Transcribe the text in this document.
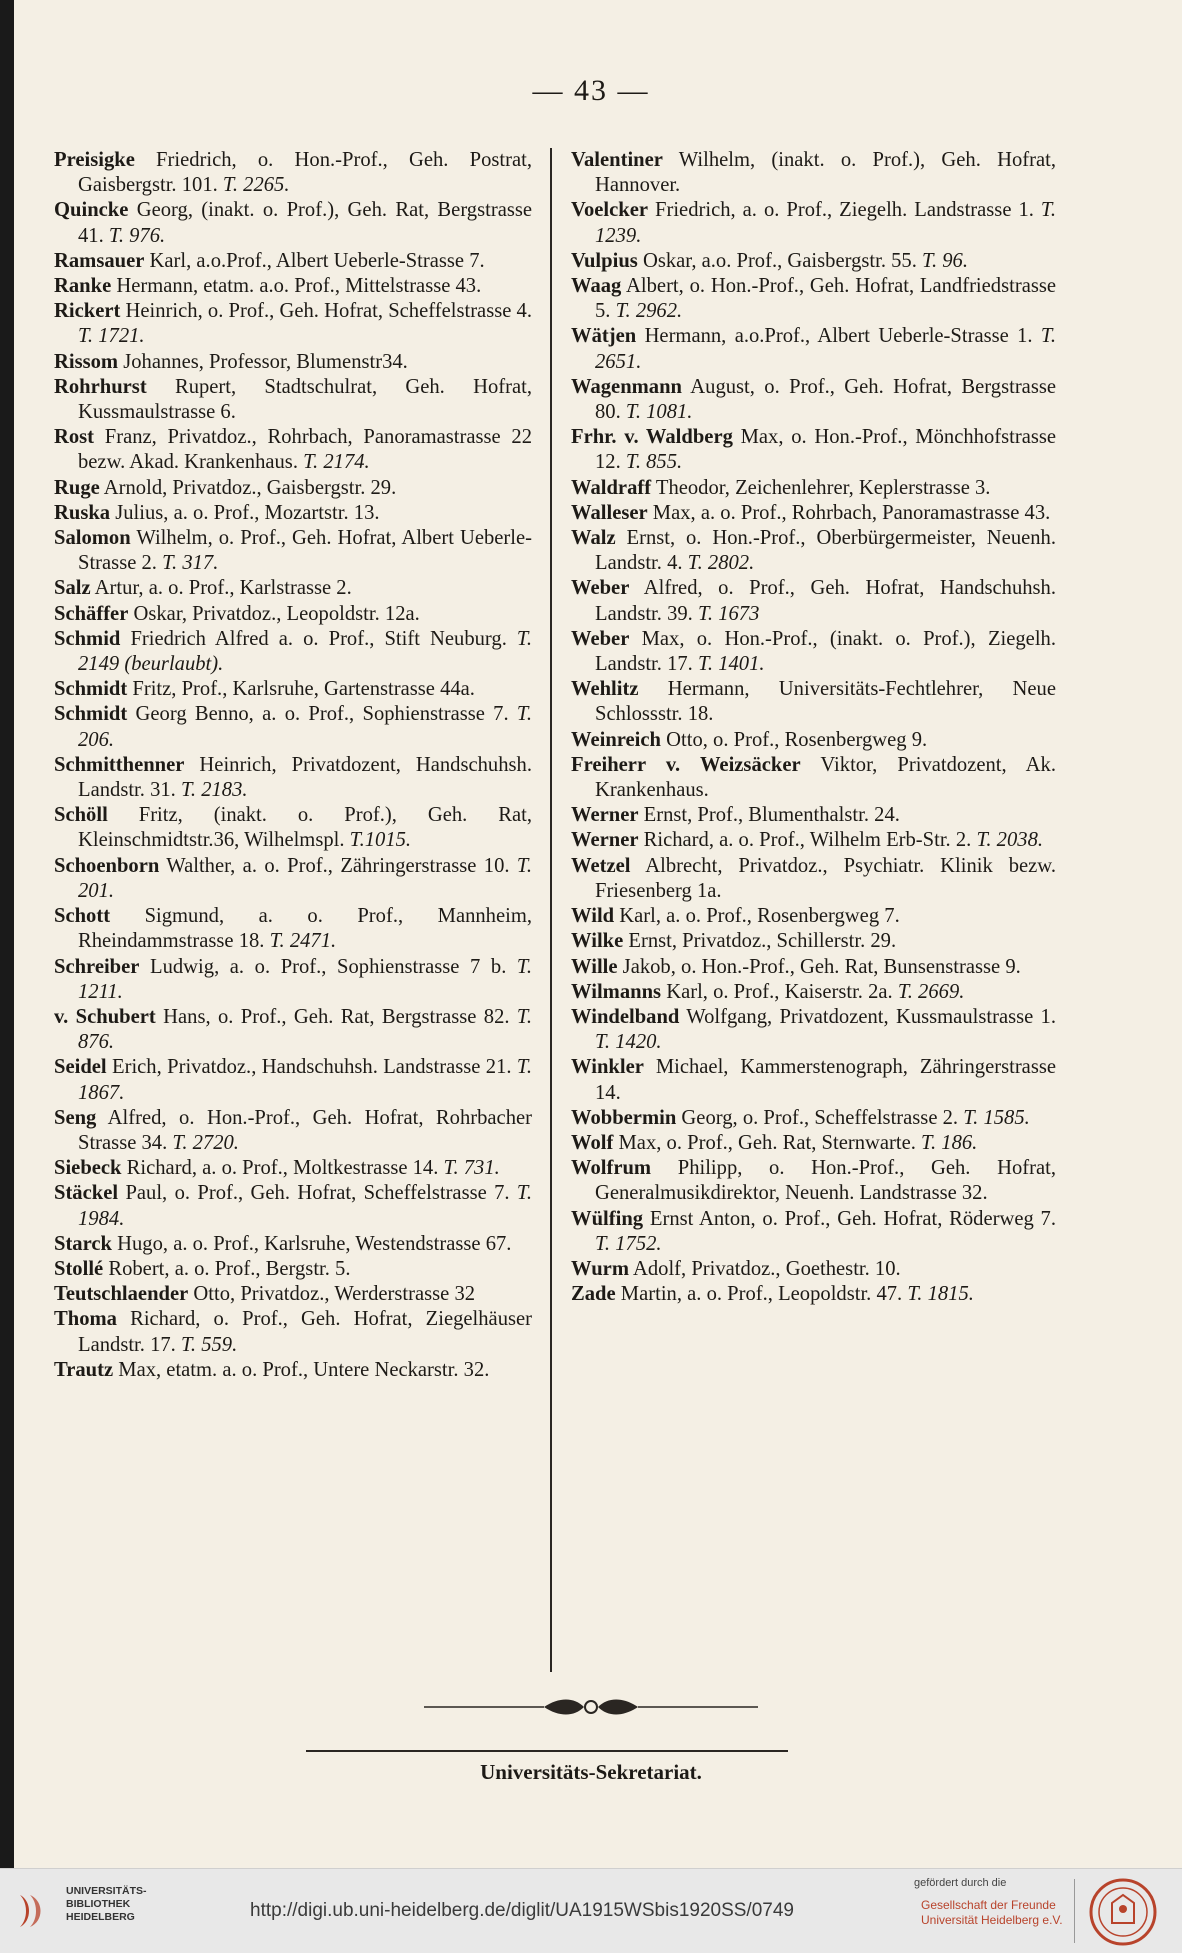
— 43 —

Preisigke Friedrich, o. Hon.-Prof., Geh. Postrat, Gaisbergstr. 101. T. 2265.

Quincke Georg, (inakt. o. Prof.), Geh. Rat, Bergstrasse 41. T. 976.

Ramsauer Karl, a.o.Prof., Albert Ueberle-Strasse 7.

Ranke Hermann, etatm. a.o. Prof., Mittelstrasse 43.

Rickert Heinrich, o. Prof., Geh. Hofrat, Scheffelstrasse 4. T. 1721.

Rissom Johannes, Professor, Blumenstr34.

Rohrhurst Rupert, Stadtschulrat, Geh. Hofrat, Kussmaulstrasse 6.

Rost Franz, Privatdoz., Rohrbach, Panoramastrasse 22 bezw. Akad. Krankenhaus. T. 2174.

Ruge Arnold, Privatdoz., Gaisbergstr. 29.

Ruska Julius, a. o. Prof., Mozartstr. 13.

Salomon Wilhelm, o. Prof., Geh. Hofrat, Albert Ueberle-Strasse 2. T. 317.

Salz Artur, a. o. Prof., Karlstrasse 2.

Schäffer Oskar, Privatdoz., Leopoldstr. 12a.

Schmid Friedrich Alfred a. o. Prof., Stift Neuburg. T. 2149 (beurlaubt).

Schmidt Fritz, Prof., Karlsruhe, Gartenstrasse 44a.

Schmidt Georg Benno, a. o. Prof., Sophienstrasse 7. T. 206.

Schmitthenner Heinrich, Privatdozent, Handschuhsh. Landstr. 31. T. 2183.

Schöll Fritz, (inakt. o. Prof.), Geh. Rat, Kleinschmidtstr.36, Wilhelmspl. T.1015.

Schoenborn Walther, a. o. Prof., Zähringerstrasse 10. T. 201.

Schott Sigmund, a. o. Prof., Mannheim, Rheindammstrasse 18. T. 2471.

Schreiber Ludwig, a. o. Prof., Sophienstrasse 7 b. T. 1211.

v. Schubert Hans, o. Prof., Geh. Rat, Bergstrasse 82. T. 876.

Seidel Erich, Privatdoz., Handschuhsh. Landstrasse 21. T. 1867.

Seng Alfred, o. Hon.-Prof., Geh. Hofrat, Rohrbacher Strasse 34. T. 2720.

Siebeck Richard, a. o. Prof., Moltkestrasse 14. T. 731.

Stäckel Paul, o. Prof., Geh. Hofrat, Scheffelstrasse 7. T. 1984.

Starck Hugo, a. o. Prof., Karlsruhe, Westendstrasse 67.

Stollé Robert, a. o. Prof., Bergstr. 5.

Teutschlaender Otto, Privatdoz., Werderstrasse 32

Thoma Richard, o. Prof., Geh. Hofrat, Ziegelhäuser Landstr. 17. T. 559.

Trautz Max, etatm. a. o. Prof., Untere Neckarstr. 32.

Valentiner Wilhelm, (inakt. o. Prof.), Geh. Hofrat, Hannover.

Voelcker Friedrich, a. o. Prof., Ziegelh. Landstrasse 1. T. 1239.

Vulpius Oskar, a.o. Prof., Gaisbergstr. 55. T. 96.

Waag Albert, o. Hon.-Prof., Geh. Hofrat, Landfriedstrasse 5. T. 2962.

Wätjen Hermann, a.o.Prof., Albert Ueberle-Strasse 1. T. 2651.

Wagenmann August, o. Prof., Geh. Hofrat, Bergstrasse 80. T. 1081.

Frhr. v. Waldberg Max, o. Hon.-Prof., Mönchhofstrasse 12. T. 855.

Waldraff Theodor, Zeichenlehrer, Keplerstrasse 3.

Walleser Max, a. o. Prof., Rohrbach, Panoramastrasse 43.

Walz Ernst, o. Hon.-Prof., Oberbürgermeister, Neuenh. Landstr. 4. T. 2802.

Weber Alfred, o. Prof., Geh. Hofrat, Handschuhsh. Landstr. 39. T. 1673

Weber Max, o. Hon.-Prof., (inakt. o. Prof.), Ziegelh. Landstr. 17. T. 1401.

Wehlitz Hermann, Universitäts-Fechtlehrer, Neue Schlossstr. 18.

Weinreich Otto, o. Prof., Rosenbergweg 9.

Freiherr v. Weizsäcker Viktor, Privatdozent, Ak. Krankenhaus.

Werner Ernst, Prof., Blumenthalstr. 24.

Werner Richard, a. o. Prof., Wilhelm Erb-Str. 2. T. 2038.

Wetzel Albrecht, Privatdoz., Psychiatr. Klinik bezw. Friesenberg 1a.

Wild Karl, a. o. Prof., Rosenbergweg 7.

Wilke Ernst, Privatdoz., Schillerstr. 29.

Wille Jakob, o. Hon.-Prof., Geh. Rat, Bunsenstrasse 9.

Wilmanns Karl, o. Prof., Kaiserstr. 2a. T. 2669.

Windelband Wolfgang, Privatdozent, Kussmaulstrasse 1. T. 1420.

Winkler Michael, Kammerstenograph, Zähringerstrasse 14.

Wobbermin Georg, o. Prof., Scheffelstrasse 2. T. 1585.

Wolf Max, o. Prof., Geh. Rat, Sternwarte. T. 186.

Wolfrum Philipp, o. Hon.-Prof., Geh. Hofrat, Generalmusikdirektor, Neuenh. Landstrasse 32.

Wülfing Ernst Anton, o. Prof., Geh. Hofrat, Röderweg 7. T. 1752.

Wurm Adolf, Privatdoz., Goethestr. 10.

Zade Martin, a. o. Prof., Leopoldstr. 47. T. 1815.

Universitäts-Sekretariat.
UNIVERSITÄTS-
BIBLIOTHEK
HEIDELBERG	http://digi.ub.uni-heidelberg.de/diglit/UA1915WSbis1920SS/0749
gefördert durch die
Gesellschaft der Freunde
Universität Heidelberg e.V.
